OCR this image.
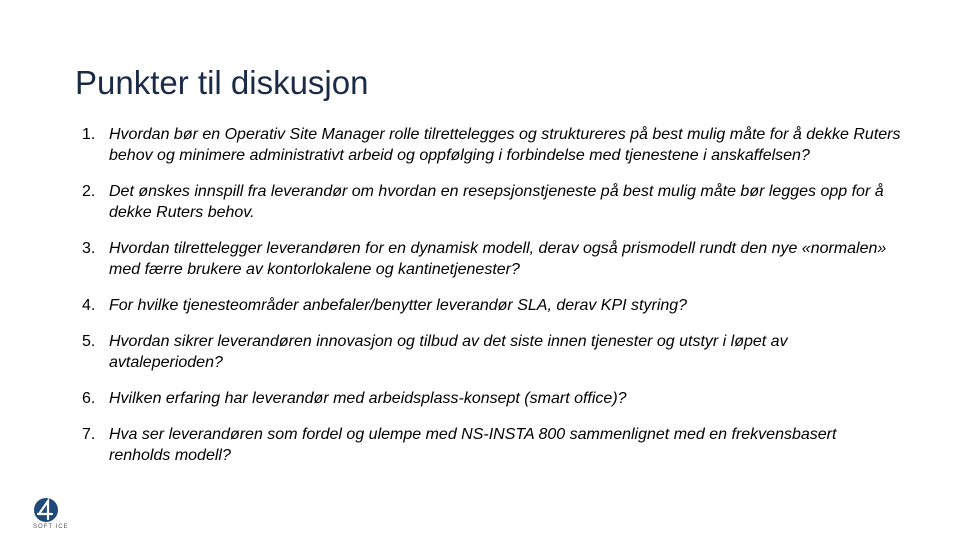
Punkter til diskusjon
1. Hvordan bør en Operativ Site Manager rolle tilrettelegges og struktureres på best mulig måte for å dekke Ruters behov og minimere administrativt arbeid og oppfølging i forbindelse med tjenestene i anskaffelsen?
2. Det ønskes innspill fra leverandør om hvordan en resepsjonstjeneste på best mulig måte bør legges opp for å dekke Ruters behov.
3. Hvordan tilrettelegger leverandøren for en dynamisk modell, derav også prismodell rundt den nye «normalen» med færre brukere av kontorlokalene og kantinetjenester?
4. For hvilke tjenesteområder anbefaler/benytter leverandør SLA, derav KPI styring?
5. Hvordan sikrer leverandøren innovasjon og tilbud av det siste innen tjenester og utstyr i løpet av avtaleperioden?
6. Hvilken erfaring har leverandør med arbeidsplass-konsept (smart office)?
7. Hva ser leverandøren som fordel og ulempe med NS-INSTA 800 sammenlignet med en frekvensbasert renholds modell?
SOFT ICE
